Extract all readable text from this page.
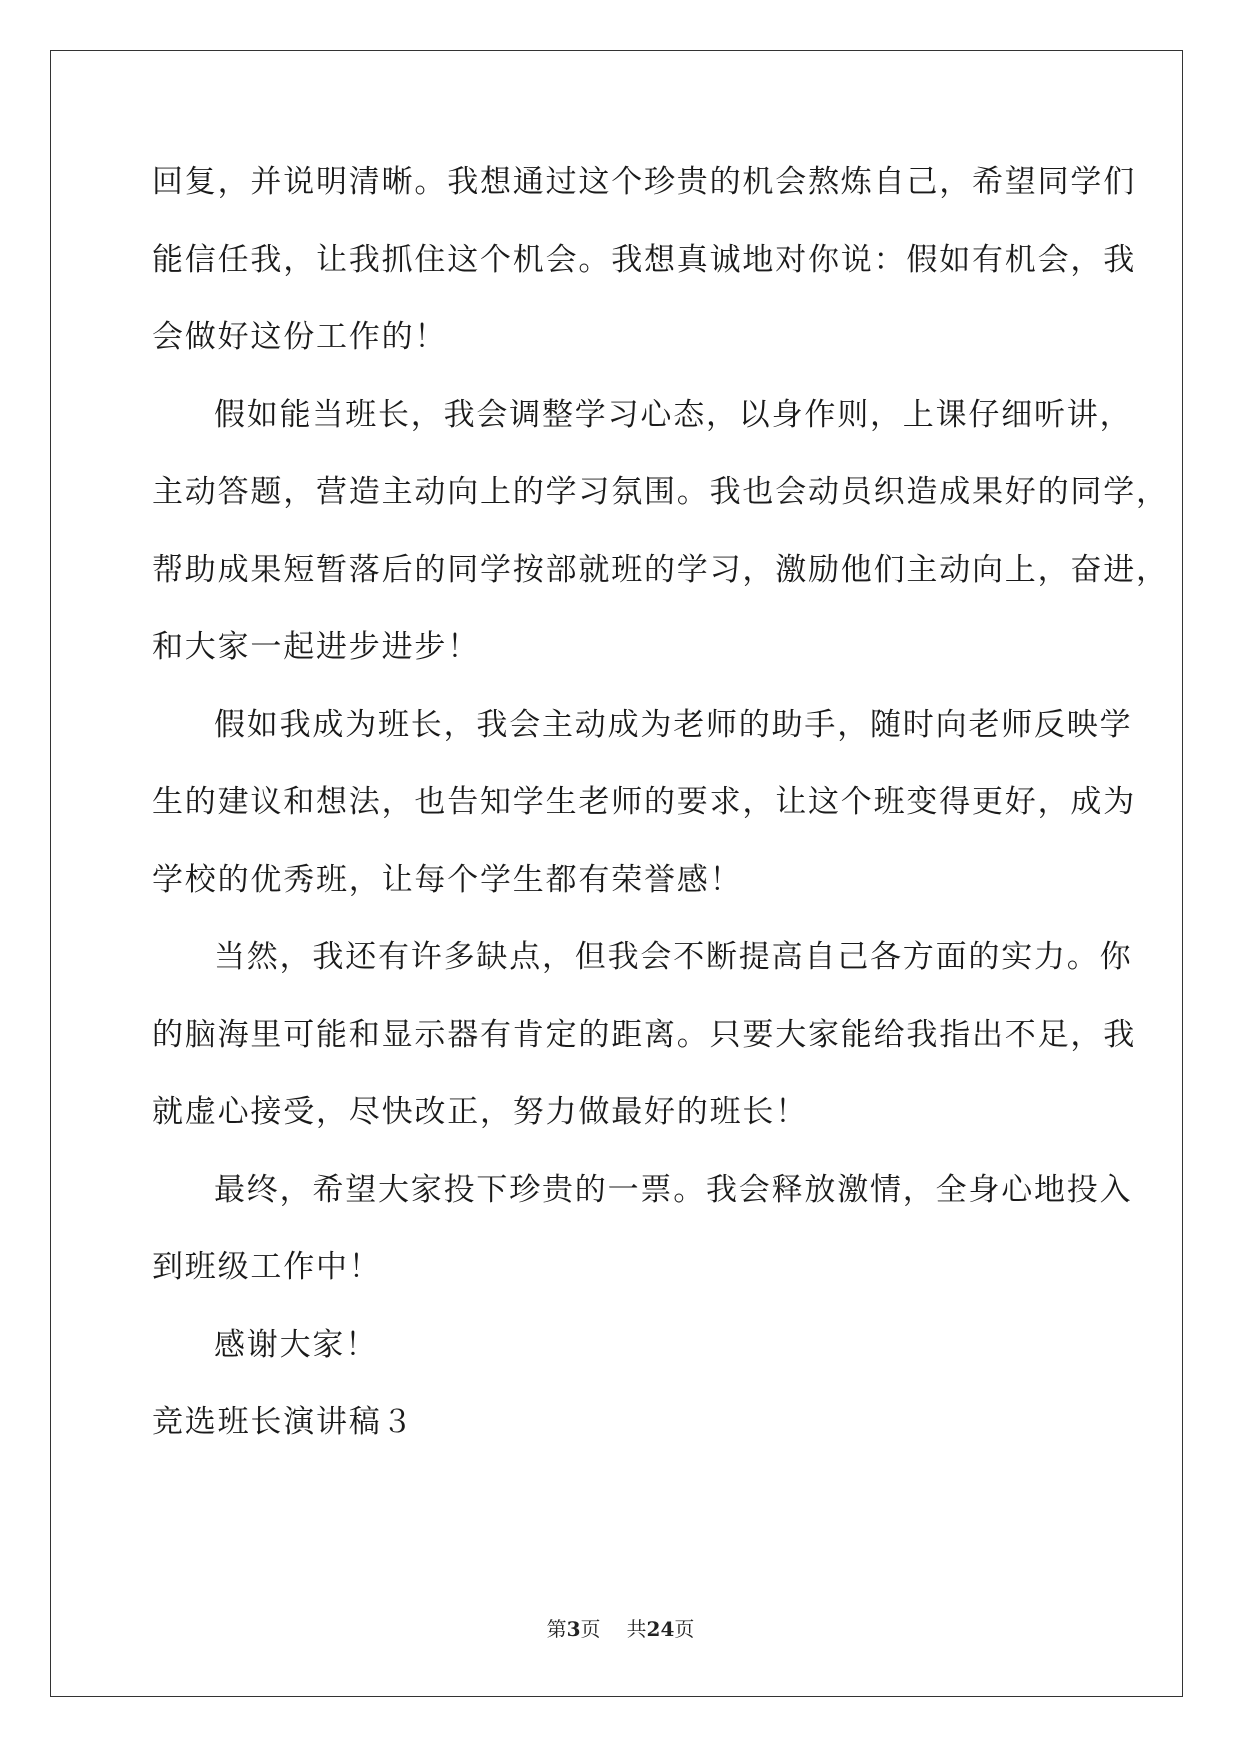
回复，并说明清晰。我想通过这个珍贵的机会熬炼自己，希望同学们
能信任我，让我抓住这个机会。我想真诚地对你说：假如有机会，我
会做好这份工作的！
假如能当班长，我会调整学习心态，以身作则，上课仔细听讲，
主动答题，营造主动向上的学习氛围。我也会动员织造成果好的同学，
帮助成果短暂落后的同学按部就班的学习，激励他们主动向上，奋进，
和大家一起进步进步！
假如我成为班长，我会主动成为老师的助手，随时向老师反映学
生的建议和想法，也告知学生老师的要求，让这个班变得更好，成为
学校的优秀班，让每个学生都有荣誉感！
当然，我还有许多缺点，但我会不断提高自己各方面的实力。你
的脑海里可能和显示器有肯定的距离。只要大家能给我指出不足，我
就虚心接受，尽快改正，努力做最好的班长！
最终，希望大家投下珍贵的一票。我会释放激情，全身心地投入
到班级工作中！
感谢大家！
竞选班长演讲稿３
第3页 共24页
